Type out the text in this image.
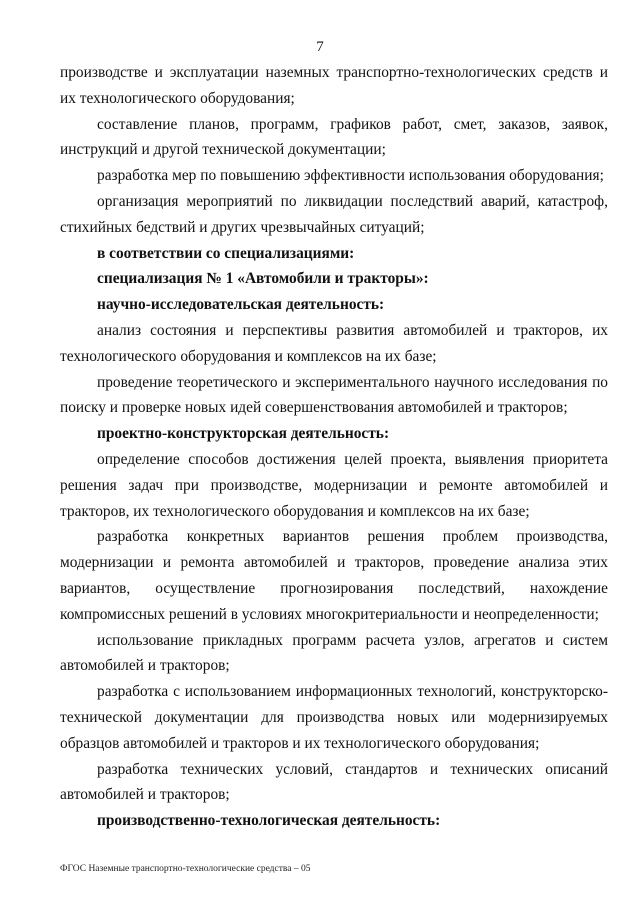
7

производстве и эксплуатации наземных транспортно-технологических средств и их технологического оборудования;

составление планов, программ, графиков работ, смет, заказов, заявок, инструкций и другой технической документации;

разработка мер по повышению эффективности использования оборудования;

организация мероприятий по ликвидации последствий аварий, катастроф, стихийных бедствий и других чрезвычайных ситуаций;

в соответствии со специализациями:

специализация № 1 «Автомобили и тракторы»:

научно-исследовательская деятельность:

анализ состояния и перспективы развития автомобилей и тракторов, их технологического оборудования и комплексов на их базе;

проведение теоретического и экспериментального научного исследования по поиску и проверке новых идей совершенствования автомобилей и тракторов;

проектно-конструкторская деятельность:

определение способов достижения целей проекта, выявления приоритета решения задач при производстве, модернизации и ремонте автомобилей и тракторов, их технологического оборудования и комплексов на их базе;

разработка конкретных вариантов решения проблем производства, модернизации и ремонта автомобилей и тракторов, проведение анализа этих вариантов, осуществление прогнозирования последствий, нахождение компромиссных решений в условиях многокритериальности и неопределенности;

использование прикладных программ расчета узлов, агрегатов и систем автомобилей и тракторов;

разработка с использованием информационных технологий, конструкторско-технической документации для производства новых или модернизируемых образцов автомобилей и тракторов и их технологического оборудования;

разработка технических условий, стандартов и технических описаний автомобилей и тракторов;

производственно-технологическая деятельность:

ФГОС Наземные транспортно-технологические средства – 05
